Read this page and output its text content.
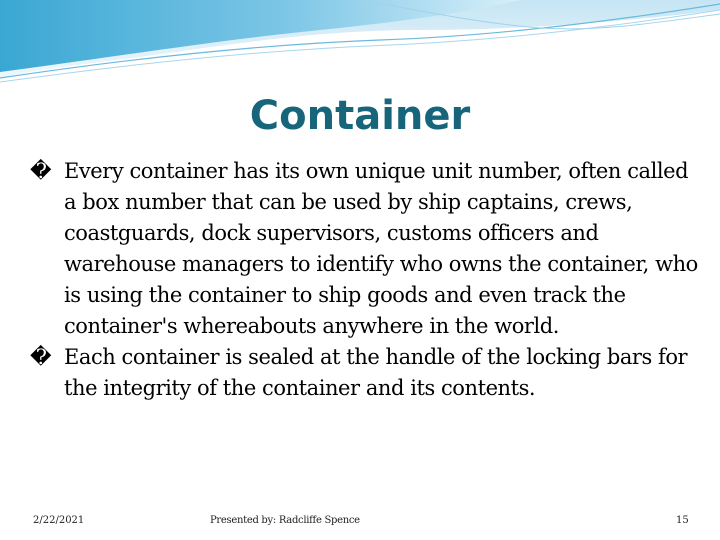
Container
� Every container has its own unique unit number, often called a box number that can be used by ship captains, crews, coastguards, dock supervisors, customs officers and warehouse managers to identify who owns the container, who is using the container to ship goods and even track the container's whereabouts anywhere in the world.
� Each container is sealed at the handle of the locking bars for the integrity of the container and its contents.
2/22/2021	Presented by: Radcliffe Spence	15
